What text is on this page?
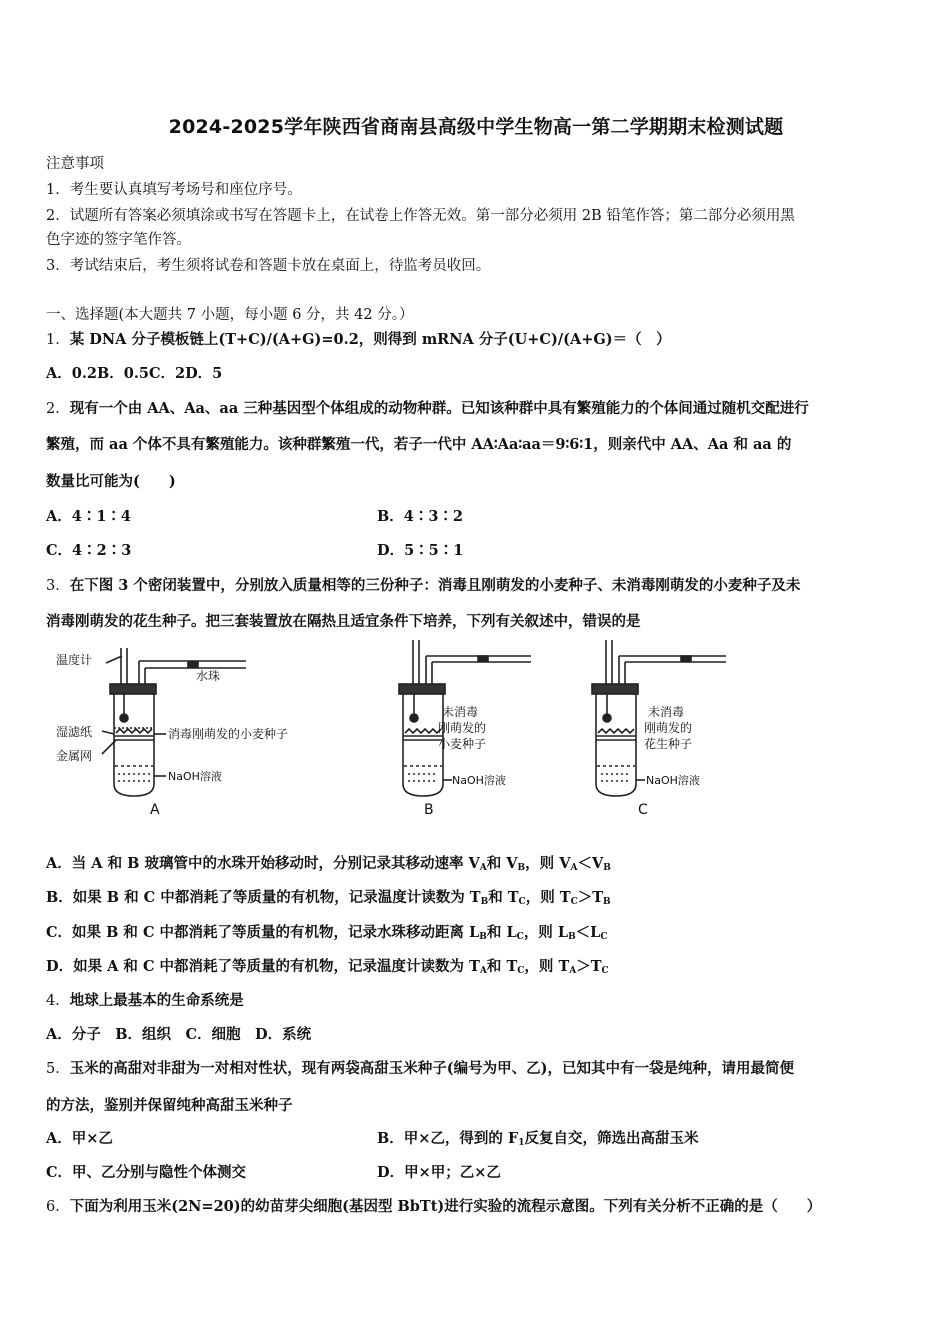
2024-2025学年陕西省商南县高级中学生物高一第二学期期末检测试题
注意事项
1．考生要认真填写考场号和座位序号。
2．试题所有答案必须填涂或书写在答题卡上，在试卷上作答无效。第一部分必须用 2B 铅笔作答；第二部分必须用黑
色字迹的签字笔作答。
3．考试结束后，考生须将试卷和答题卡放在桌面上，待监考员收回。
一、选择题(本大题共 7 小题，每小题 6 分，共 42 分。）
1．某 DNA 分子模板链上(T+C)/(A+G)=0.2，则得到 mRNA 分子(U+C)/(A+G)＝（　）
A．0.2B．0.5C．2D．5
2．现有一个由 AA、Aa、aa 三种基因型个体组成的动物种群。已知该种群中具有繁殖能力的个体间通过随机交配进行
繁殖，而 aa 个体不具有繁殖能力。该种群繁殖一代，若子一代中 AA∶Aa∶aa＝9∶6∶1，则亲代中 AA、Aa 和 aa 的
数量比可能为(　　)
A．4∶1∶4	B．4∶3∶2
C．4∶2∶3	D．5∶5∶1
3．在下图 3 个密闭装置中，分别放入质量相等的三份种子：消毒且刚萌发的小麦种子、未消毒刚萌发的小麦种子及未
消毒刚萌发的花生种子。把三套装置放在隔热且适宜条件下培养，下列有关叙述中，错误的是
温度计
水珠
湿滤纸
金属网
消毒刚萌发的小麦种子
NaOH溶液
A
未消毒
刚萌发的
小麦种子
NaOH溶液
B
未消毒
刚萌发的
花生种子
NaOH溶液
C
A．当 A 和 B 玻璃管中的水珠开始移动时，分别记录其移动速率 $V_A$和 $V_B$，则 $V_A<V_B$
B．如果 B 和 C 中都消耗了等质量的有机物，记录温度计读数为 $T_B$和 $T_C$，则 $T_C>T_B$
C．如果 B 和 C 中都消耗了等质量的有机物，记录水珠移动距离 $L_B$和 $L_C$，则 $L_B<L_C$
D．如果 A 和 C 中都消耗了等质量的有机物，记录温度计读数为 $T_A$和 $T_C$，则 $T_A>T_C$
4．地球上最基本的生命系统是
A．分子　B．组织　C．细胞　D．系统
5．玉米的高甜对非甜为一对相对性状，现有两袋高甜玉米种子(编号为甲、乙)，已知其中有一袋是纯种，请用最简便
的方法，鉴别并保留纯种高甜玉米种子
A．甲×乙	B．甲×乙，得到的 $F_1$反复自交，筛选出高甜玉米
C．甲、乙分别与隐性个体测交	D．甲×甲；乙×乙
6．下面为利用玉米(2N=20)的幼苗芽尖细胞(基因型 BbTt)进行实验的流程示意图。下列有关分析不正确的是（　　）
